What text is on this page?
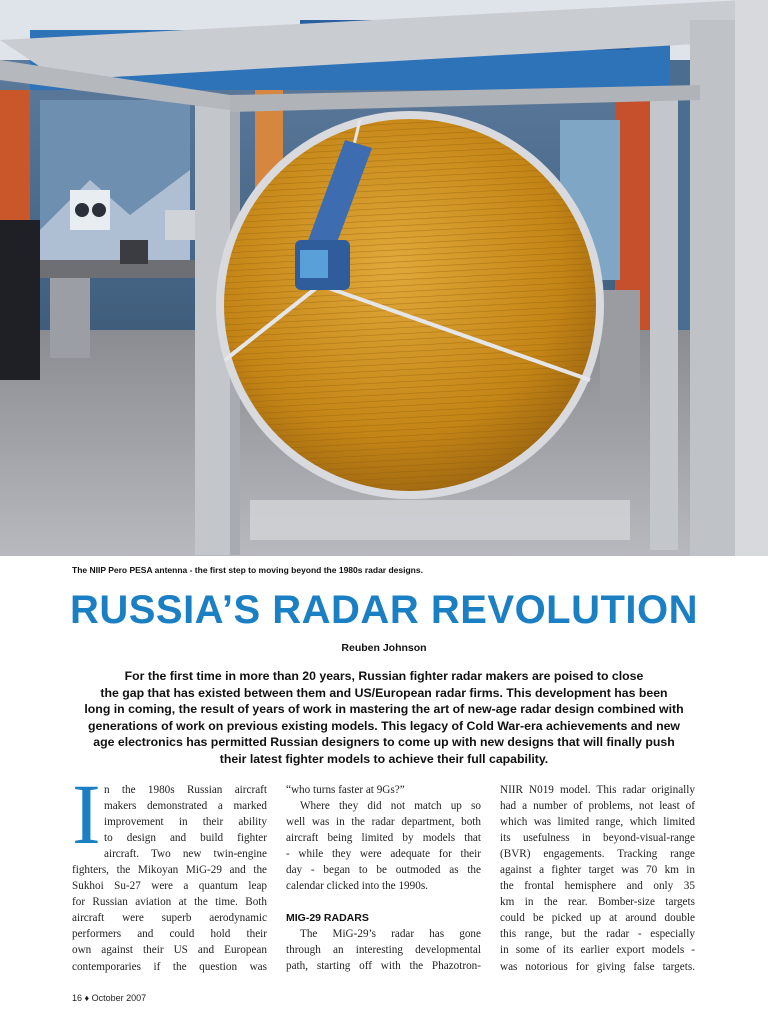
The NIIP Pero PESA antenna - the first step to moving beyond the 1980s radar designs.
RUSSIA’S RADAR REVOLUTION
Reuben Johnson
For the first time in more than 20 years, Russian fighter radar makers are poised to close
the gap that has existed between them and US/European radar firms. This development has been
long in coming, the result of years of work in mastering the art of new-age radar design combined with
generations of work on previous existing models. This legacy of Cold War-era achievements and new
age electronics has permitted Russian designers to come up with new designs that will finally push
their latest fighter models to achieve their full capability.
I n the 1980s Russian aircraft
makers demonstrated a marked
improvement in their ability
to design and build fighter
aircraft. Two new twin-engine
fighters, the Mikoyan MiG-29 and the
Sukhoi Su-27 were a quantum leap
for Russian aviation at the time. Both
aircraft were superb aerodynamic
performers and could hold their
own against their US and European
contemporaries if the question was
“who turns faster at 9Gs?”
Where they did not match up so
well was in the radar department, both
aircraft being limited by models that
- while they were adequate for their
day - began to be outmoded as the
calendar clicked into the 1990s.
MIG-29 RADARS
The MiG-29’s radar has gone
through an interesting developmental
path, starting off with the Phazotron-
NIIR N019 model. This radar originally
had a number of problems, not least of
which was limited range, which limited
its usefulness in beyond-visual-range
(BVR) engagements. Tracking range
against a fighter target was 70 km in
the frontal hemisphere and only 35
km in the rear. Bomber-size targets
could be picked up at around double
this range, but the radar - especially
in some of its earlier export models -
was notorious for giving false targets.
16 ♦ October 2007
